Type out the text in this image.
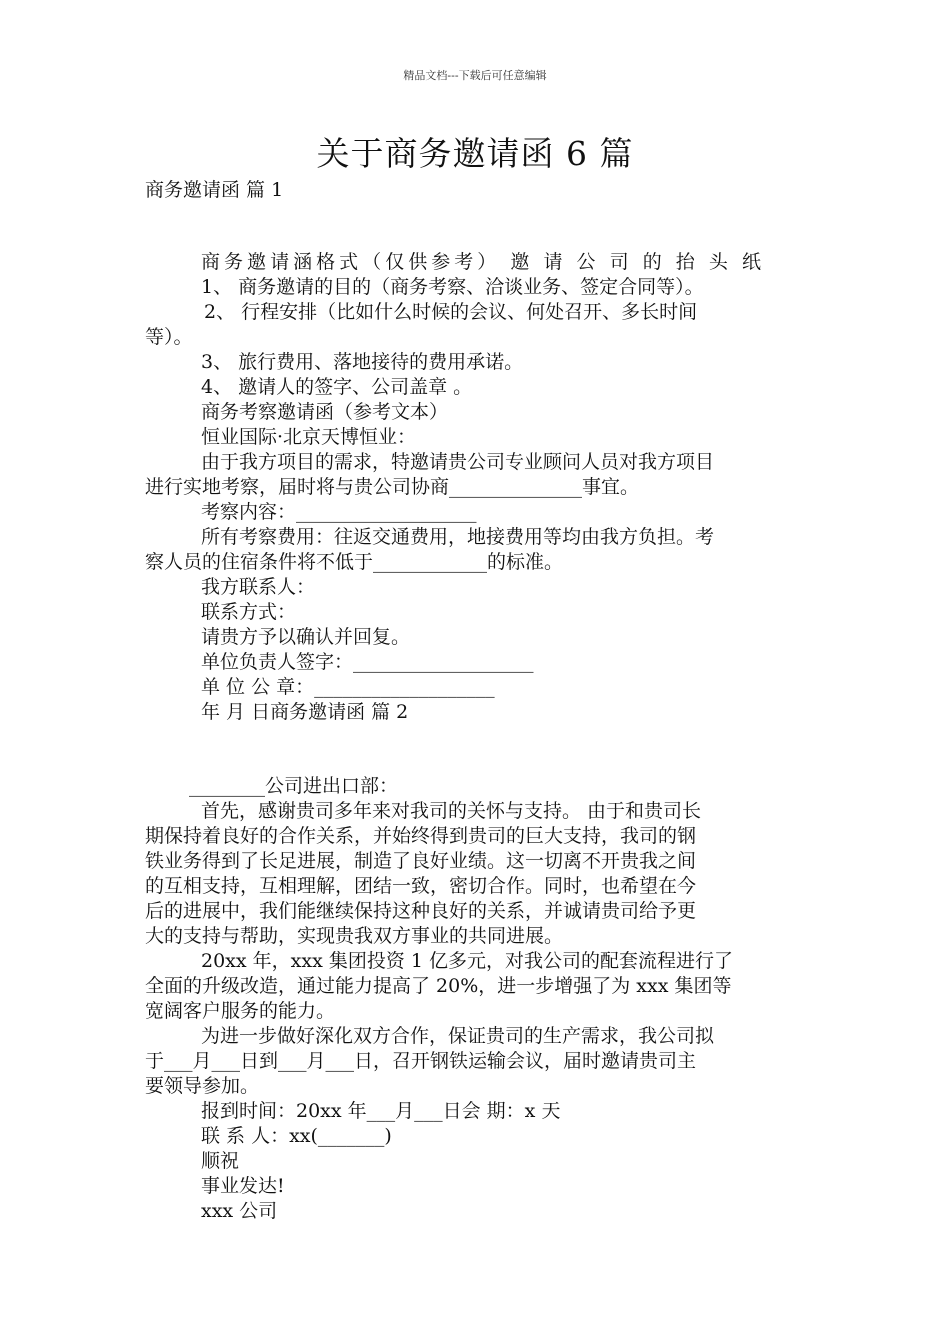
精品文档---下载后可任意编辑
关于商务邀请函 6 篇
商务邀请函 篇 1
商务邀请涵格式（仅供参考） 邀 请 公 司 的 抬 头 纸
1、 商务邀请的目的（商务考察、洽谈业务、签定合同等）。
2、 行程安排（比如什么时候的会议、何处召开、多长时间
等）。
3、 旅行费用、落地接待的费用承诺。
4、 邀请人的签字、公司盖章 。
商务考察邀请函（参考文本）
恒业国际·北京天博恒业：
由于我方项目的需求，特邀请贵公司专业顾问人员对我方项目
进行实地考察，届时将与贵公司协商______________事宜。
考察内容：___________________
所有考察费用：往返交通费用，地接费用等均由我方负担。考
察人员的住宿条件将不低于____________的标准。
我方联系人：
联系方式：
请贵方予以确认并回复。
单位负责人签字：___________________
单 位 公 章：___________________
年 月 日商务邀请函 篇 2
________公司进出口部：
首先，感谢贵司多年来对我司的关怀与支持。 由于和贵司长
期保持着良好的合作关系，并始终得到贵司的巨大支持，我司的钢
铁业务得到了长足进展，制造了良好业绩。这一切离不开贵我之间
的互相支持，互相理解，团结一致，密切合作。同时，也希望在今
后的进展中，我们能继续保持这种良好的关系，并诚请贵司给予更
大的支持与帮助，实现贵我双方事业的共同进展。
20xx 年，xxx 集团投资 1 亿多元，对我公司的配套流程进行了
全面的升级改造，通过能力提高了 20%，进一步增强了为 xxx 集团等
宽阔客户服务的能力。
为进一步做好深化双方合作，保证贵司的生产需求，我公司拟
于___月___日到___月___日，召开钢铁运输会议，届时邀请贵司主
要领导参加。
报到时间：20xx 年___月___日会 期：x 天
联 系 人：xx(_______)
顺祝
事业发达!
xxx 公司
